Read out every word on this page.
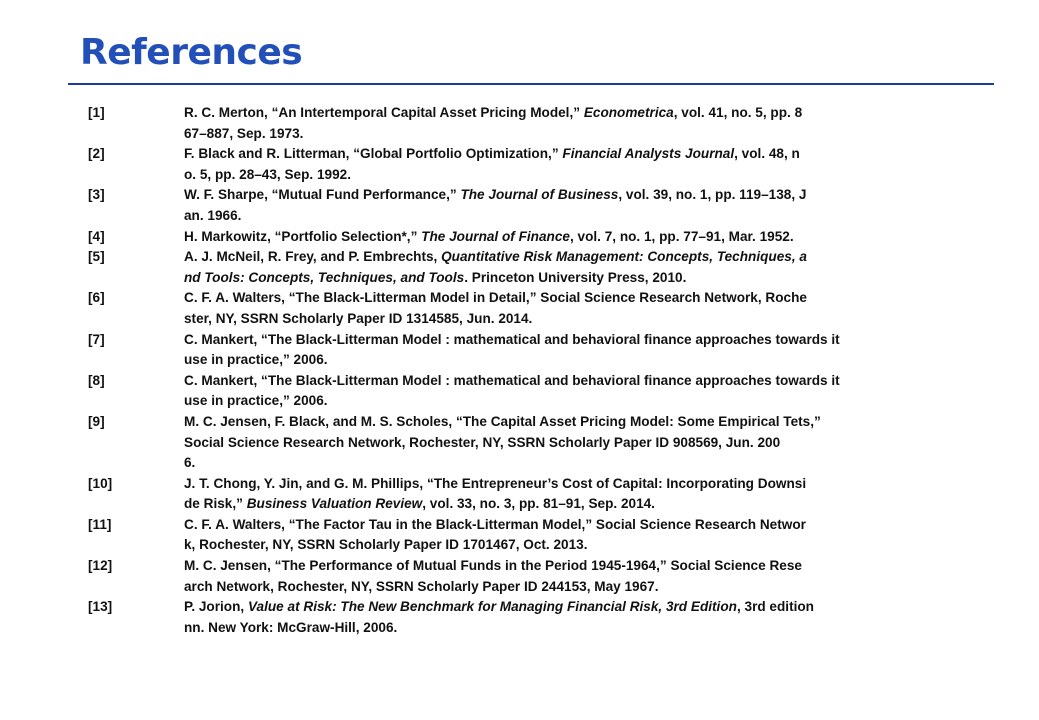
References
[1]	R. C. Merton, “An Intertemporal Capital Asset Pricing Model,” Econometrica, vol. 41, no. 5, pp. 8
67–887, Sep. 1973.
[2]	F. Black and R. Litterman, “Global Portfolio Optimization,” Financial Analysts Journal, vol. 48, n
o. 5, pp. 28–43, Sep. 1992.
[3]	W. F. Sharpe, “Mutual Fund Performance,” The Journal of Business, vol. 39, no. 1, pp. 119–138, J
an. 1966.
[4]	H. Markowitz, “Portfolio Selection*,” The Journal of Finance, vol. 7, no. 1, pp. 77–91, Mar. 1952.
[5]	A. J. McNeil, R. Frey, and P. Embrechts, Quantitative Risk Management: Concepts, Techniques, a
nd Tools: Concepts, Techniques, and Tools. Princeton University Press, 2010.
[6]	C. F. A. Walters, “The Black-Litterman Model in Detail,” Social Science Research Network, Roche
ster, NY, SSRN Scholarly Paper ID 1314585, Jun. 2014.
[7]	C. Mankert, “The Black-Litterman Model : mathematical and behavioral finance approaches towards it
use in practice,” 2006.
[8]	C. Mankert, “The Black-Litterman Model : mathematical and behavioral finance approaches towards it
use in practice,” 2006.
[9]	M. C. Jensen, F. Black, and M. S. Scholes, “The Capital Asset Pricing Model: Some Empirical Tets,”
Social Science Research Network, Rochester, NY, SSRN Scholarly Paper ID 908569, Jun. 200
6.
[10]	J. T. Chong, Y. Jin, and G. M. Phillips, “The Entrepreneur’s Cost of Capital: Incorporating Downsi
de Risk,” Business Valuation Review, vol. 33, no. 3, pp. 81–91, Sep. 2014.
[11]	C. F. A. Walters, “The Factor Tau in the Black-Litterman Model,” Social Science Research Networ
k, Rochester, NY, SSRN Scholarly Paper ID 1701467, Oct. 2013.
[12]	M. C. Jensen, “The Performance of Mutual Funds in the Period 1945-1964,” Social Science Rese
arch Network, Rochester, NY, SSRN Scholarly Paper ID 244153, May 1967.
[13]	P. Jorion, Value at Risk: The New Benchmark for Managing Financial Risk, 3rd Edition, 3rd edition
nn. New York: McGraw-Hill, 2006.
